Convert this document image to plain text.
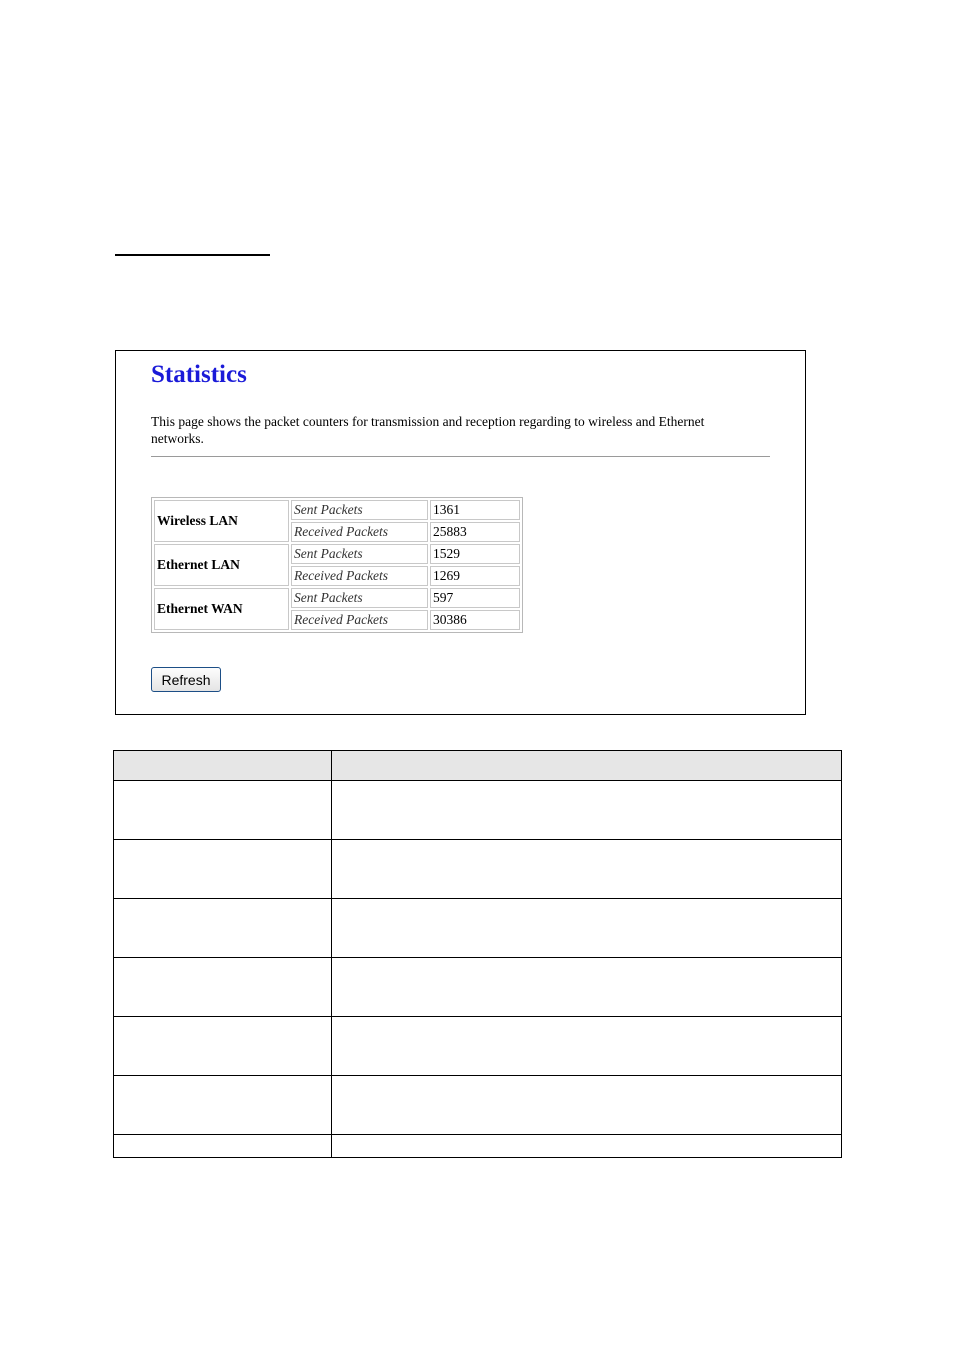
Statistics

This page shows the packet counters for transmission and reception regarding to wireless and Ethernet networks.

Wireless LAN	Sent Packets	1361
	Received Packets	25883
Ethernet LAN	Sent Packets	1529
	Received Packets	1269
Ethernet WAN	Sent Packets	597
	Received Packets	30386
Refresh
